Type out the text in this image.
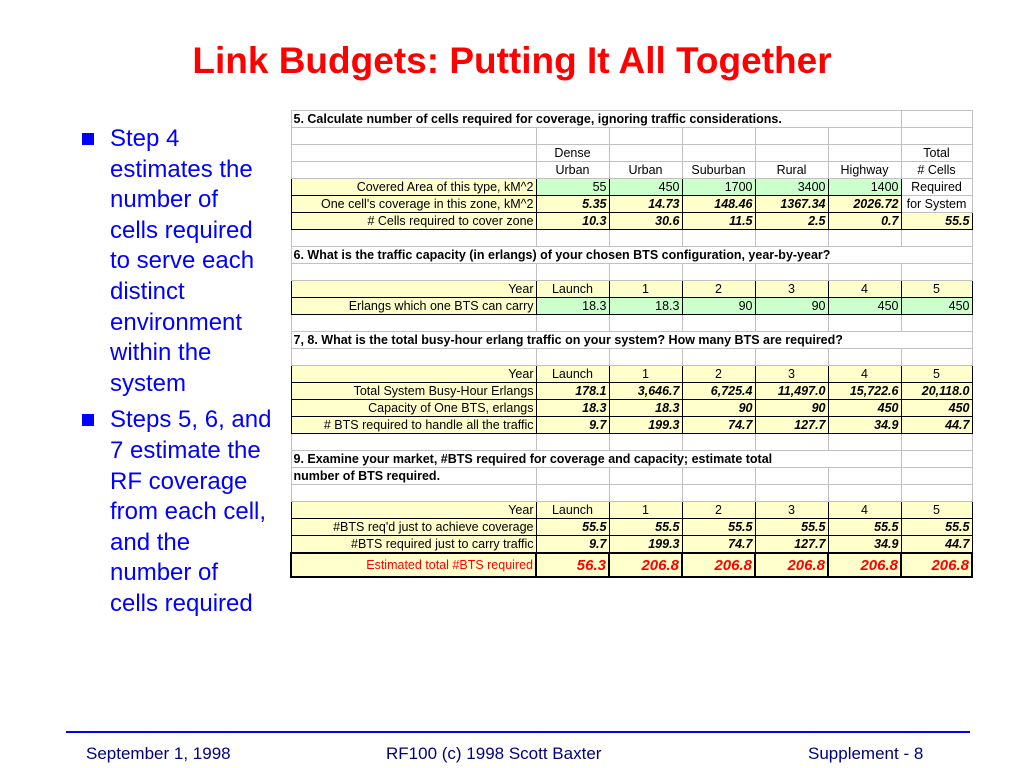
Link Budgets: Putting It All Together
Step 4 estimates the number of cells required to serve each distinct environment within the system
Steps 5, 6, and 7 estimate the RF coverage from each cell, and the number of cells required
5. Calculate number of cells required for coverage, ignoring traffic considerations.						

	Dense					Total
	Urban	Urban	Suburban	Rural	Highway	# Cells
Covered Area of this type, kM^2	55	450	1700	3400	1400	Required
One cell's coverage in this zone, kM^2	5.35	14.73	148.46	1367.34	2026.72	for System
# Cells required to cover zone	10.3	30.6	11.5	2.5	0.7	55.5

6. What is the traffic capacity (in erlangs) of your chosen BTS configuration, year-by-year?						

Year	Launch	1	2	3	4	5
Erlangs which one BTS can carry	18.3	18.3	90	90	450	450

7, 8. What is the total busy-hour erlang traffic on your system? How many BTS are required?						

Year	Launch	1	2	3	4	5
Total System Busy-Hour Erlangs	178.1	3,646.7	6,725.4	11,497.0	15,722.6	20,118.0
Capacity of One BTS, erlangs	18.3	18.3	90	90	450	450
# BTS required to handle all the traffic	9.7	199.3	74.7	127.7	34.9	44.7

9. Examine your market, #BTS required for coverage and capacity; estimate total						
number of BTS required.						

Year	Launch	1	2	3	4	5
#BTS req'd just to achieve coverage	55.5	55.5	55.5	55.5	55.5	55.5
#BTS required just to carry traffic	9.7	199.3	74.7	127.7	34.9	44.7
Estimated total #BTS required	56.3	206.8	206.8	206.8	206.8	206.8
September 1, 1998	RF100 (c) 1998 Scott Baxter	Supplement - 8
